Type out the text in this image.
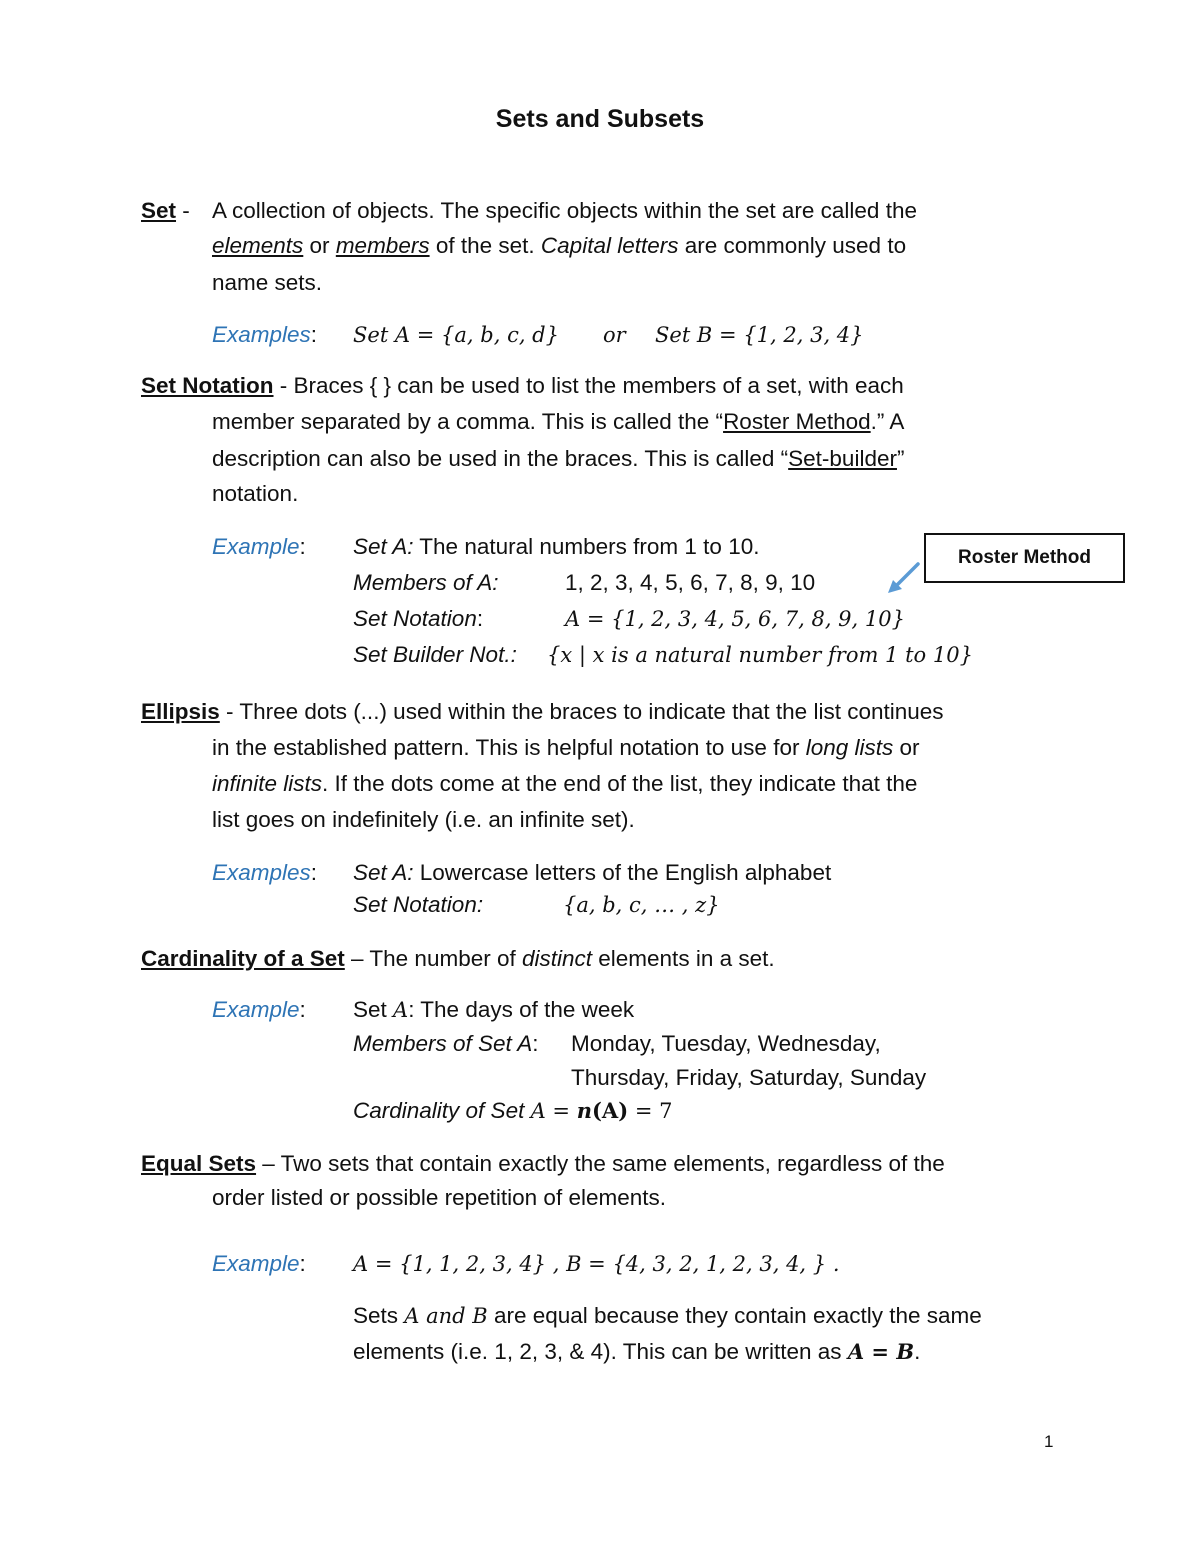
Sets and Subsets
Set - A collection of objects. The specific objects within the set are called the
elements or members of the set. Capital letters are commonly used to
name sets.
Examples: Set A = {a, b, c, d} or Set B = {1, 2, 3, 4}
Set Notation - Braces { } can be used to list the members of a set, with each
member separated by a comma. This is called the “Roster Method.” A
description can also be used in the braces. This is called “Set-builder”
notation.
Example: Set A: The natural numbers from 1 to 10.
Members of A:	1, 2, 3, 4, 5, 6, 7, 8, 9, 10
Set Notation:	A = {1, 2, 3, 4, 5, 6, 7, 8, 9, 10}
Set Builder Not.: {x | x is a natural number from 1 to 10}
Roster Method
Ellipsis - Three dots (...) used within the braces to indicate that the list continues
in the established pattern. This is helpful notation to use for long lists or
infinite lists. If the dots come at the end of the list, they indicate that the
list goes on indefinitely (i.e. an infinite set).
Examples: Set A: Lowercase letters of the English alphabet
Set Notation:	{a, b, c, … , z}
Cardinality of a Set – The number of distinct elements in a set.
Example: Set A: The days of the week
Members of Set A: Monday, Tuesday, Wednesday,
Thursday, Friday, Saturday, Sunday
Cardinality of Set A = n(A) = 7
Equal Sets – Two sets that contain exactly the same elements, regardless of the
order listed or possible repetition of elements.
Example: A = {1, 1, 2, 3, 4} , B = {4, 3, 2, 1, 2, 3, 4, } .
Sets A and B are equal because they contain exactly the same
elements (i.e. 1, 2, 3, & 4). This can be written as A = B.
1
